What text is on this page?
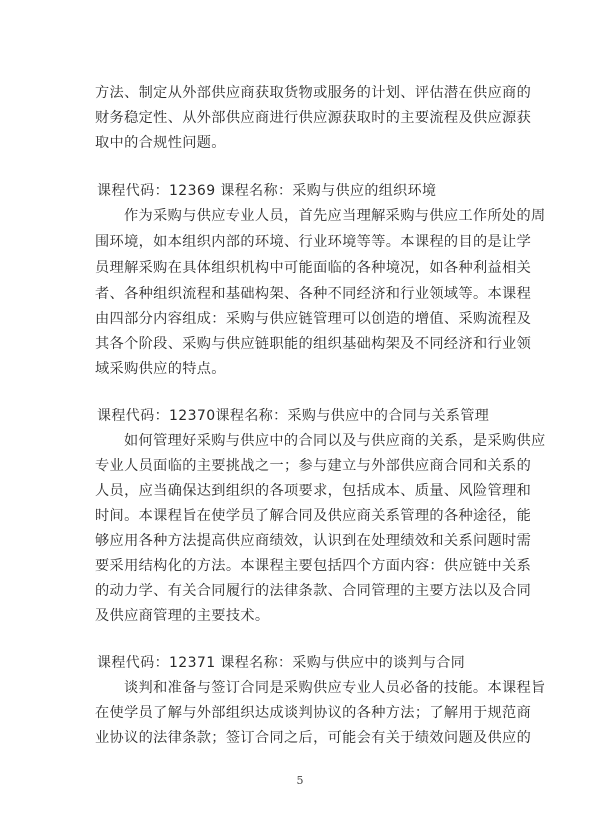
方法、制定从外部供应商获取货物或服务的计划、评估潜在供应商的
财务稳定性、从外部供应商进行供应源获取时的主要流程及供应源获
取中的合规性问题。
课程代码：12369 课程名称：采购与供应的组织环境
作为采购与供应专业人员，首先应当理解采购与供应工作所处的周
围环境，如本组织内部的环境、行业环境等等。本课程的目的是让学
员理解采购在具体组织机构中可能面临的各种境况，如各种利益相关
者、各种组织流程和基础构架、各种不同经济和行业领域等。本课程
由四部分内容组成：采购与供应链管理可以创造的增值、采购流程及
其各个阶段、采购与供应链职能的组织基础构架及不同经济和行业领
域采购供应的特点。
课程代码：12370课程名称：采购与供应中的合同与关系管理
如何管理好采购与供应中的合同以及与供应商的关系，是采购供应
专业人员面临的主要挑战之一；参与建立与外部供应商合同和关系的
人员，应当确保达到组织的各项要求，包括成本、质量、风险管理和
时间。本课程旨在使学员了解合同及供应商关系管理的各种途径，能
够应用各种方法提高供应商绩效，认识到在处理绩效和关系问题时需
要采用结构化的方法。本课程主要包括四个方面内容：供应链中关系
的动力学、有关合同履行的法律条款、合同管理的主要方法以及合同
及供应商管理的主要技术。
课程代码：12371 课程名称：采购与供应中的谈判与合同
谈判和准备与签订合同是采购供应专业人员必备的技能。本课程旨
在使学员了解与外部组织达成谈判协议的各种方法；了解用于规范商
业协议的法律条款；签订合同之后，可能会有关于绩效问题及供应的
5
